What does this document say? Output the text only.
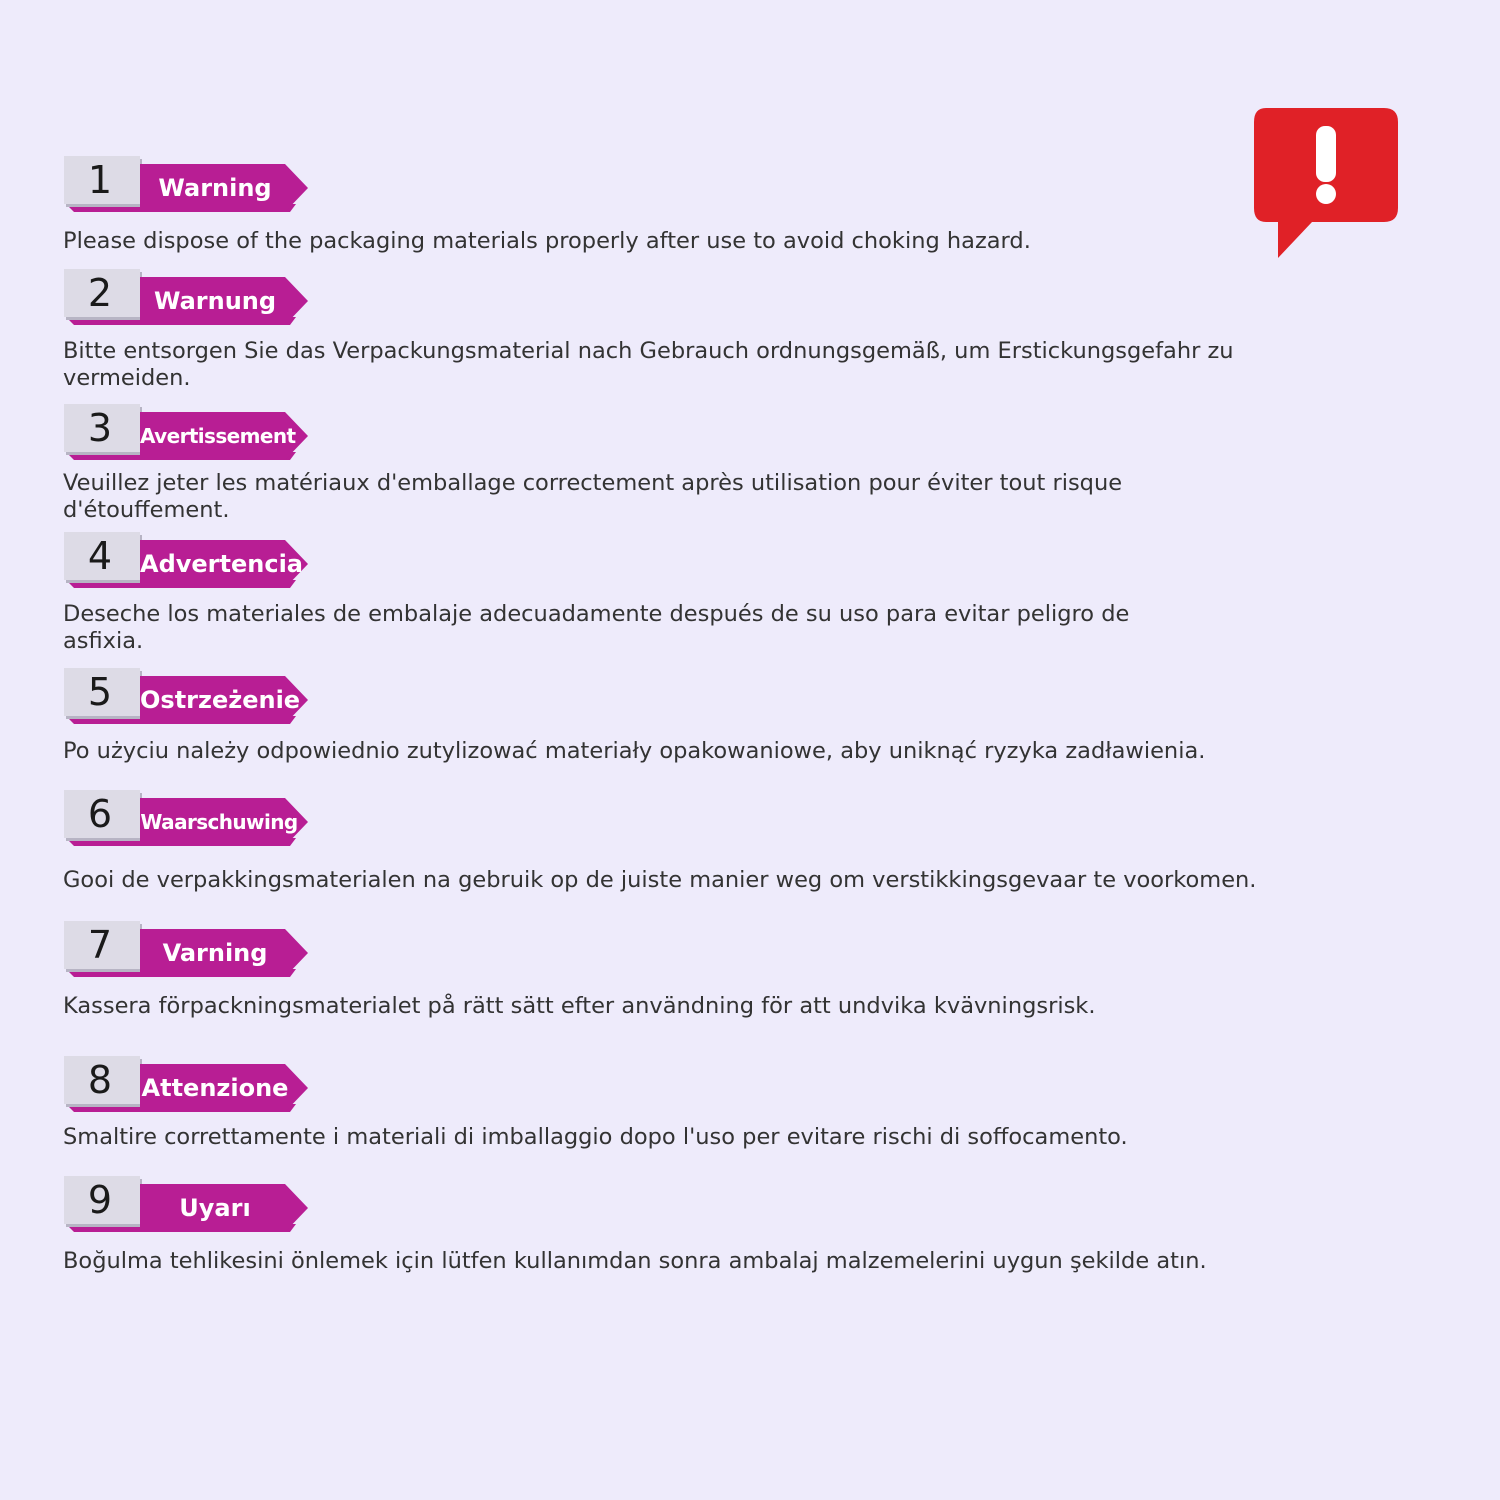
1	Warning
Please dispose of the packaging materials properly after use to avoid choking hazard.
2	Warnung
Bitte entsorgen Sie das Verpackungsmaterial nach Gebrauch ordnungsgemäß, um Erstickungsgefahr zu vermeiden.
3	Avertissement
Veuillez jeter les matériaux d'emballage correctement après utilisation pour éviter tout risque d'étouffement.
4	Advertencia
Deseche los materiales de embalaje adecuadamente después de su uso para evitar peligro de asfixia.
5	Ostrzeżenie
Po użyciu należy odpowiednio zutylizować materiały opakowaniowe, aby uniknąć ryzyka zadławienia.
6	Waarschuwing
Gooi de verpakkingsmaterialen na gebruik op de juiste manier weg om verstikkingsgevaar te voorkomen.
7	Varning
Kassera förpackningsmaterialet på rätt sätt efter användning för att undvika kvävningsrisk.
8	Attenzione
Smaltire correttamente i materiali di imballaggio dopo l'uso per evitare rischi di soffocamento.
9	Uyarı
Boğulma tehlikesini önlemek için lütfen kullanımdan sonra ambalaj malzemelerini uygun şekilde atın.
